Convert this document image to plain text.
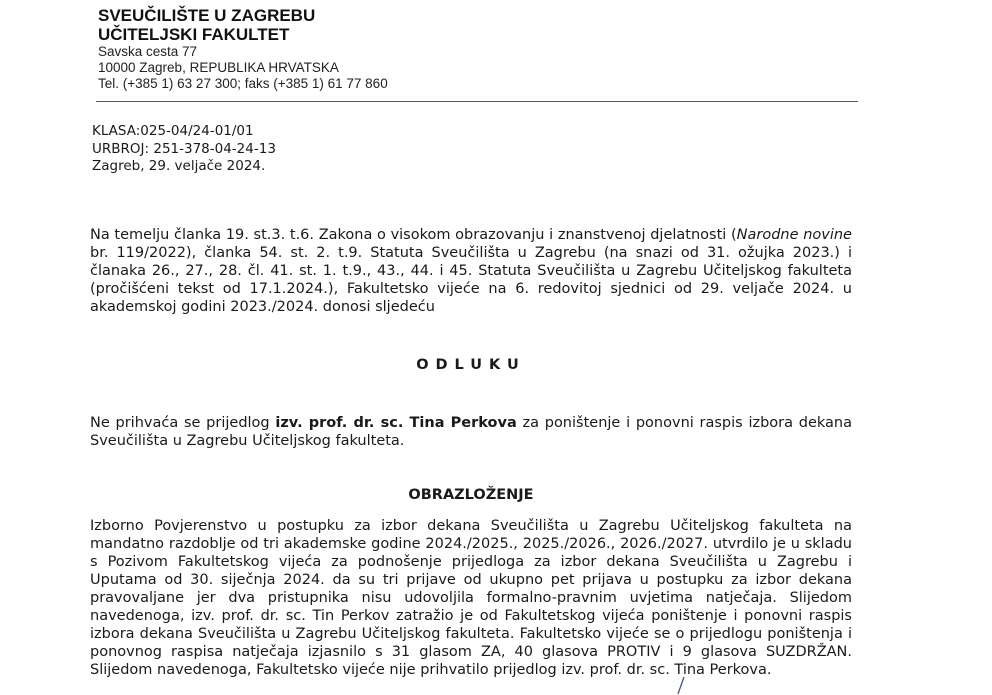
SVEUČILIŠTE U ZAGREBU
UČITELJSKI FAKULTET
Savska cesta 77
10000 Zagreb, REPUBLIKA HRVATSKA
Tel. (+385 1) 63 27 300; faks (+385 1) 61 77 860
KLASA:025-04/24-01/01
URBROJ: 251-378-04-24-13
Zagreb, 29. veljače 2024.

Na temelju članka 19. st.3. t.6. Zakona o visokom obrazovanju i znanstvenoj djelatnosti (Narodne novine br. 119/2022), članka 54. st. 2. t.9. Statuta Sveučilišta u Zagrebu (na snazi od 31. ožujka 2023.) i članaka 26., 27., 28. čl. 41. st. 1. t.9., 43., 44. i 45. Statuta Sveučilišta u Zagrebu Učiteljskog fakulteta (pročišćeni tekst od 17.1.2024.), Fakultetsko vijeće na 6. redovitoj sjednici od 29. veljače 2024. u akademskoj godini 2023./2024. donosi sljedeću

ODLUKU

Ne prihvaća se prijedlog izv. prof. dr. sc. Tina Perkova za poništenje i ponovni raspis izbora dekana Sveučilišta u Zagrebu Učiteljskog fakulteta.

OBRAZLOŽENJE

Izborno Povjerenstvo u postupku za izbor dekana Sveučilišta u Zagrebu Učiteljskog fakulteta na mandatno razdoblje od tri akademske godine 2024./2025., 2025./2026., 2026./2027. utvrdilo je u skladu s Pozivom Fakultetskog vijeća za podnošenje prijedloga za izbor dekana Sveučilišta u Zagrebu i Uputama od 30. siječnja 2024. da su tri prijave od ukupno pet prijava u postupku za izbor dekana pravovaljane jer dva pristupnika nisu udovoljila formalno-pravnim uvjetima natječaja. Slijedom navedenoga, izv. prof. dr. sc. Tin Perkov zatražio je od Fakultetskog vijeća poništenje i ponovni raspis izbora dekana Sveučilišta u Zagrebu Učiteljskog fakulteta. Fakultetsko vijeće se o prijedlogu poništenja i ponovnog raspisa natječaja izjasnilo s 31 glasom ZA, 40 glasova PROTIV i 9 glasova SUZDRŽAN. Slijedom navedenoga, Fakultetsko vijeće nije prihvatilo prijedlog izv. prof. dr. sc. Tina Perkova.
